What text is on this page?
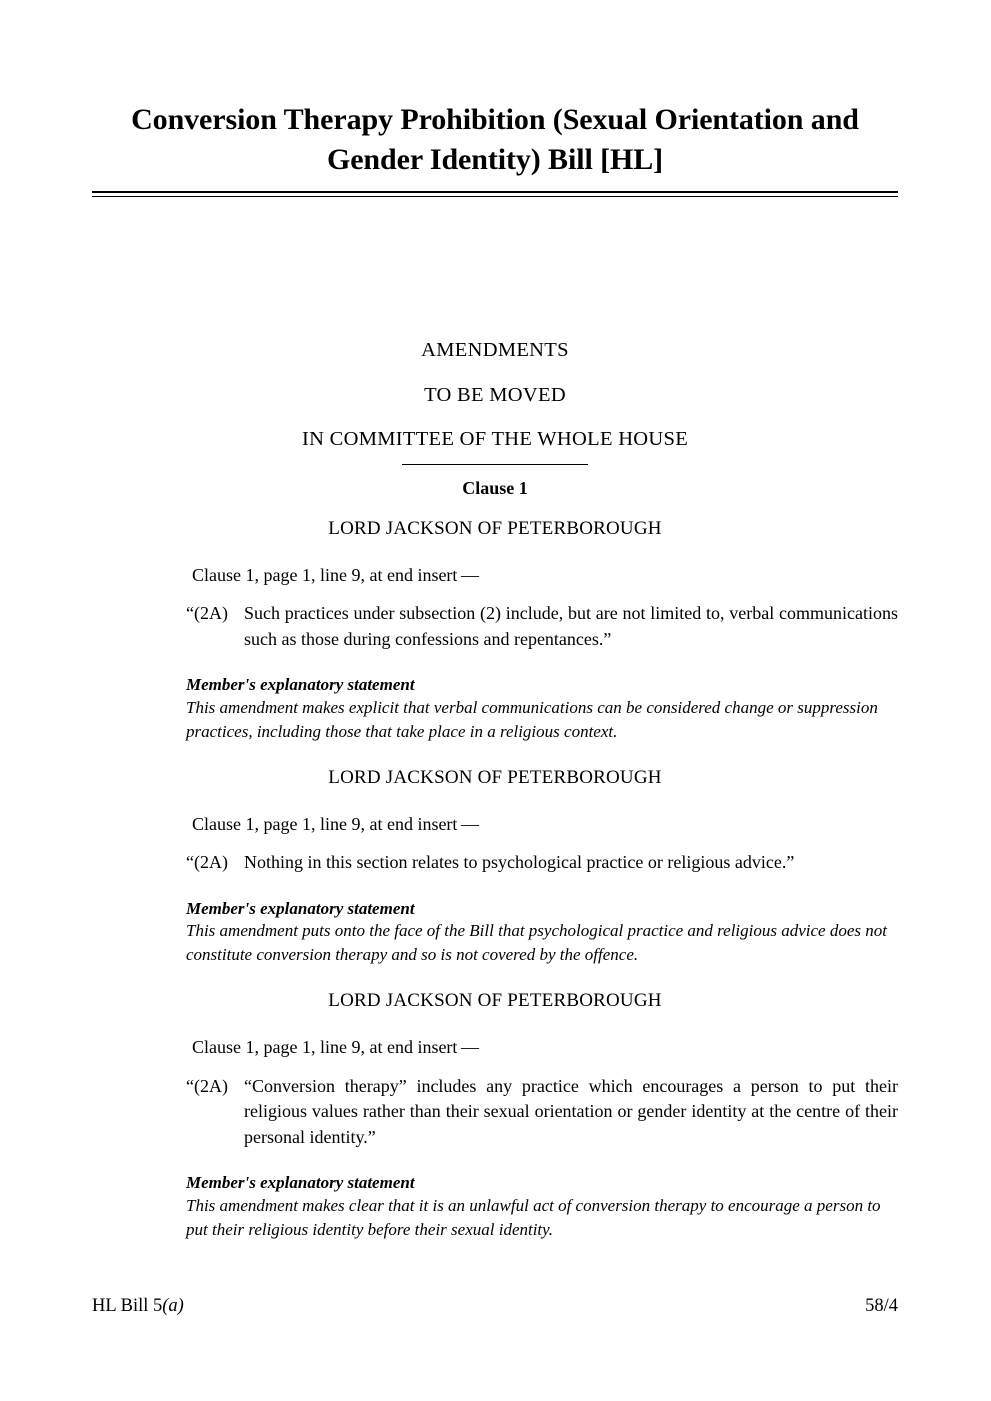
Conversion Therapy Prohibition (Sexual Orientation and Gender Identity) Bill [HL]

AMENDMENTS

TO BE MOVED

IN COMMITTEE OF THE WHOLE HOUSE

Clause 1

LORD JACKSON OF PETERBOROUGH

Clause 1, page 1, line 9, at end insert —

“(2A) Such practices under subsection (2) include, but are not limited to, verbal communications such as those during confessions and repentances.”

Member's explanatory statement

This amendment makes explicit that verbal communications can be considered change or suppression practices, including those that take place in a religious context.

LORD JACKSON OF PETERBOROUGH

Clause 1, page 1, line 9, at end insert —

“(2A) Nothing in this section relates to psychological practice or religious advice.”

Member's explanatory statement

This amendment puts onto the face of the Bill that psychological practice and religious advice does not constitute conversion therapy and so is not covered by the offence.

LORD JACKSON OF PETERBOROUGH

Clause 1, page 1, line 9, at end insert —

“(2A) “Conversion therapy” includes any practice which encourages a person to put their religious values rather than their sexual orientation or gender identity at the centre of their personal identity.”

Member's explanatory statement

This amendment makes clear that it is an unlawful act of conversion therapy to encourage a person to put their religious identity before their sexual identity.

HL Bill 5(a)	58/4
